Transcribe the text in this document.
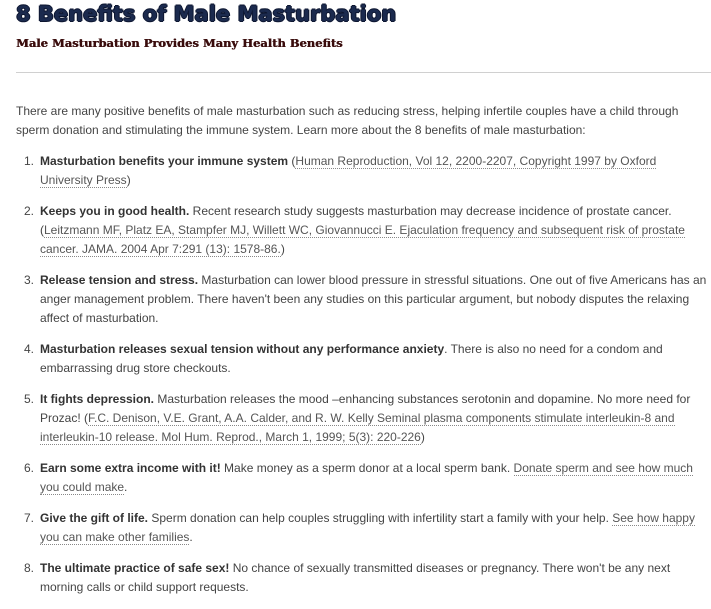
8 Benefits of Male Masturbation
Male Masturbation Provides Many Health Benefits

There are many positive benefits of male masturbation such as reducing stress, helping infertile couples have a child through sperm donation and stimulating the immune system. Learn more about the 8 benefits of male masturbation:

1. Masturbation benefits your immune system (Human Reproduction, Vol 12, 2200-2207, Copyright 1997 by Oxford University Press)
2. Keeps you in good health. Recent research study suggests masturbation may decrease incidence of prostate cancer. (Leitzmann MF, Platz EA, Stampfer MJ, Willett WC, Giovannucci E. Ejaculation frequency and subsequent risk of prostate cancer. JAMA. 2004 Apr 7:291 (13): 1578-86.)
3. Release tension and stress. Masturbation can lower blood pressure in stressful situations. One out of five Americans has an anger management problem. There haven't been any studies on this particular argument, but nobody disputes the relaxing affect of masturbation.
4. Masturbation releases sexual tension without any performance anxiety. There is also no need for a condom and embarrassing drug store checkouts.
5. It fights depression. Masturbation releases the mood –enhancing substances serotonin and dopamine. No more need for Prozac! (F.C. Denison, V.E. Grant, A.A. Calder, and R. W. Kelly Seminal plasma components stimulate interleukin-8 and interleukin-10 release. Mol Hum. Reprod., March 1, 1999; 5(3): 220-226)
6. Earn some extra income with it! Make money as a sperm donor at a local sperm bank. Donate sperm and see how much you could make.
7. Give the gift of life. Sperm donation can help couples struggling with infertility start a family with your help. See how happy you can make other families.
8. The ultimate practice of safe sex! No chance of sexually transmitted diseases or pregnancy. There won't be any next morning calls or child support requests.
